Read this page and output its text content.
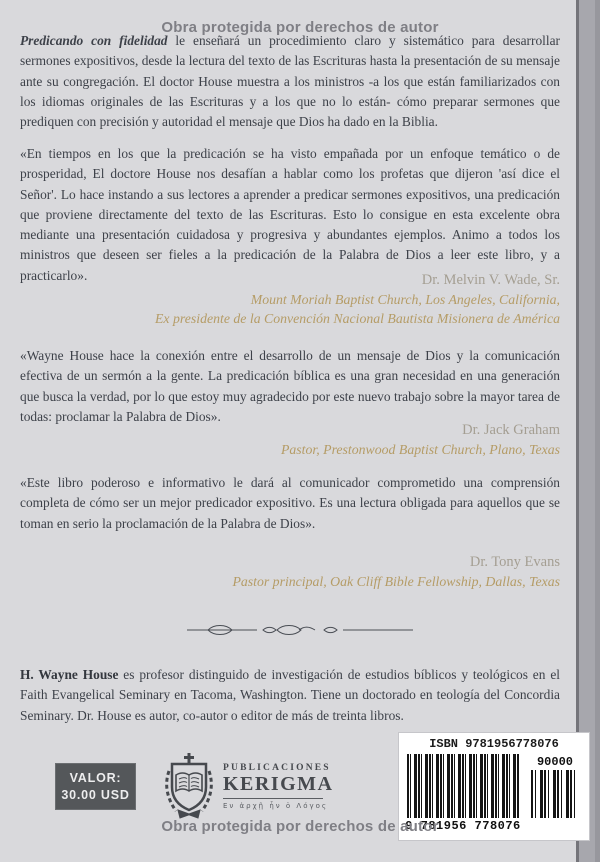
Obra protegida por derechos de autor
Predicando con fidelidad le enseñará un procedimiento claro y sistemático para desarrollar sermones expositivos, desde la lectura del texto de las Escrituras hasta la presentación de su mensaje ante su congregación. El doctor House muestra a los ministros -a los que están familiarizados con los idiomas originales de las Escrituras y a los que no lo están- cómo preparar sermones que prediquen con precisión y autoridad el mensaje que Dios ha dado en la Biblia.
«En tiempos en los que la predicación se ha visto empañada por un enfoque temático o de prosperidad, El doctore House nos desafían a hablar como los profetas que dijeron 'así dice el Señor'. Lo hace instando a sus lectores a aprender a predicar sermones expositivos, una predicación que proviene directamente del texto de las Escrituras. Esto lo consigue en esta excelente obra mediante una presentación cuidadosa y progresiva y abundantes ejemplos. Animo a todos los ministros que deseen ser fieles a la predicación de la Palabra de Dios a leer este libro, y a practicarlo».	Dr. Melvin V. Wade, Sr.
Mount Moriah Baptist Church, Los Angeles, California,
Ex presidente de la Convención Nacional Bautista Misionera de América
«Wayne House hace la conexión entre el desarrollo de un mensaje de Dios y la comunicación efectiva de un sermón a la gente. La predicación bíblica es una gran necesidad en una generación que busca la verdad, por lo que estoy muy agradecido por este nuevo trabajo sobre la mayor tarea de todas: proclamar la Palabra de Dios».
Dr. Jack Graham
Pastor, Prestonwood Baptist Church, Plano, Texas
«Este libro poderoso e informativo le dará al comunicador comprometido una comprensión completa de cómo ser un mejor predicador expositivo. Es una lectura obligada para aquellos que se toman en serio la proclamación de la Palabra de Dios».
Dr. Tony Evans
Pastor principal, Oak Cliff Bible Fellowship, Dallas, Texas
H. Wayne House es profesor distinguido de investigación de estudios bíblicos y teológicos en el Faith Evangelical Seminary en Tacoma, Washington. Tiene un doctorado en teología del Concordia Seminary. Dr. House es autor, co-autor o editor de más de treinta libros.
VALOR:
30.00 USD
PUBLICACIONES
KERIGMA
Εν ἀρχῇ ἦν ὁ Λόγος
ISBN 9781956778076
9 781956 778076
90000
Obra protegida por derechos de autor
